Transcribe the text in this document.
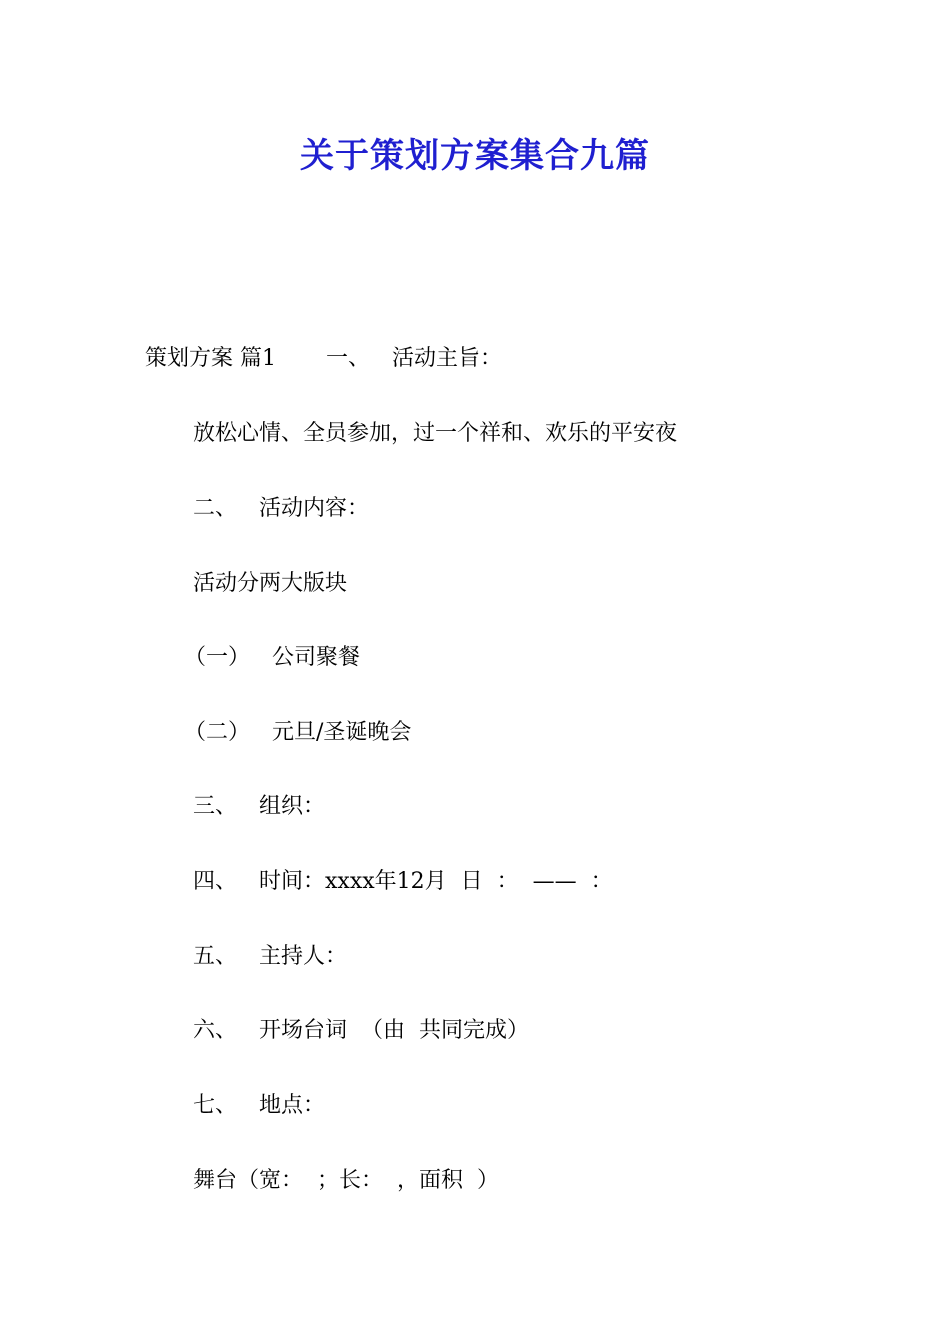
关于策划方案集合九篇
策划方案 篇1 一、 活动主旨：
放松心情、全员参加，过一个祥和、欢乐的平安夜
二、 活动内容：
活动分两大版块
（一） 公司聚餐
（二） 元旦/圣诞晚会
三、 组织：
四、 时间：xxxx年12月  日  ：  ——  ：
五、 主持人：
六、 开场台词  （由  共同完成）
七、 地点：
舞台（宽：  ；长：  ，面积  ）
